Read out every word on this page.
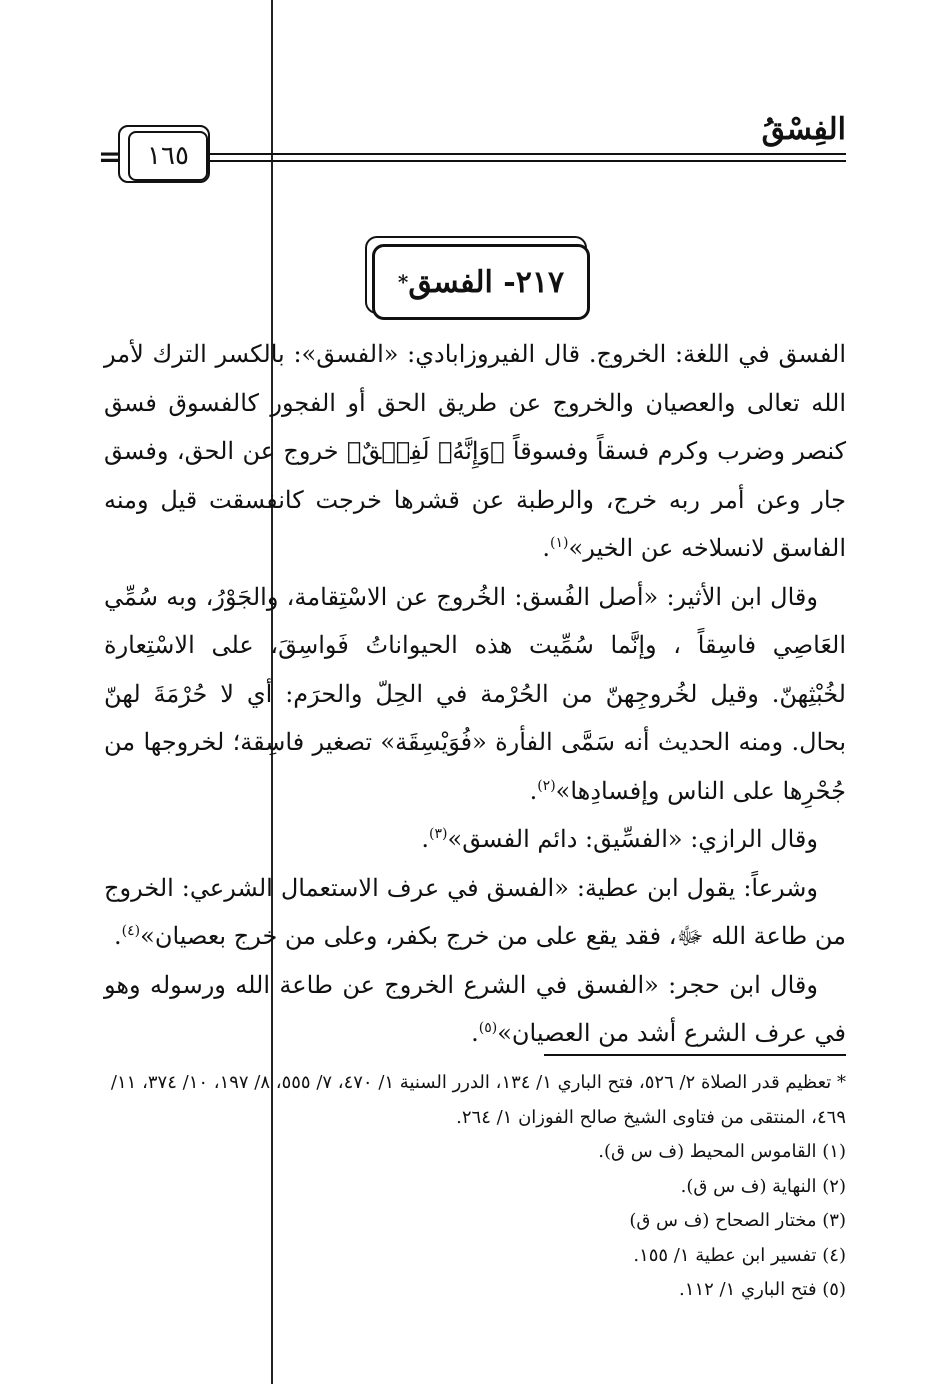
الفِسْقُ
= ١٦٥
٢١٧- الفسق
*

الفسق في اللغة: الخروج. قال الفيروزابادي: «الفسق»: بالكسر الترك لأمر الله تعالى والعصيان والخروج عن طريق الحق أو الفجور كالفسوق فسق كنصر وضرب وكرم فسقاً وفسوقاً ﴿وَإِنَّهُۥ لَفِسۡقٌ﴾ خروج عن الحق، وفسق جار وعن أمر ربه خرج، والرطبة عن قشرها خرجت كانفسقت قيل ومنه الفاسق لانسلاخه عن الخير»$^{(١)}$.

وقال ابن الأثير: «أصل الفُسق: الخُروج عن الاسْتِقامة، والجَوْرُ، وبه سُمِّي العَاصِي فاسِقاً ، وإنَّما سُمِّيت هذه الحيواناتُ فَواسِقَ، على الاسْتِعارة لخُبْثِهنّ. وقيل لخُروجِهنّ من الحُرْمة في الحِلّ والحرَم: أي لا حُرْمَةَ لهنّ بحال. ومنه الحديث أنه سَمَّى الفأرة «فُوَيْسِقَة» تصغير فاسِقة؛ لخروجها من جُحْرِها على الناس وإفسادِها»$^{(٢)}$.

وقال الرازي: «الفسِّيق: دائم الفسق»$^{(٣)}$.

وشرعاً: يقول ابن عطية: «الفسق في عرف الاستعمال الشرعي: الخروج من طاعة الله ﷻ، فقد يقع على من خرج بكفر، وعلى من خرج بعصيان»$^{(٤)}$.

وقال ابن حجر: «الفسق في الشرع الخروج عن طاعة الله ورسوله وهو في عرف الشرع أشد من العصيان»$^{(٥)}$.

* تعظيم قدر الصلاة ٢/ ٥٢٦، فتح الباري ١/ ١٣٤، الدرر السنية ١/ ٤٧٠، ٧/ ٥٥٥، ٨/ ١٩٧، ١٠/ ٣٧٤، ١١/ ٤٦٩، المنتقى من فتاوى الشيخ صالح الفوزان ١/ ٢٦٤.
(١) القاموس المحيط (ف س ق).
(٢) النهاية (ف س ق).
(٣) مختار الصحاح (ف س ق)
(٤) تفسير ابن عطية ١/ ١٥٥.
(٥) فتح الباري ١/ ١١٢.
